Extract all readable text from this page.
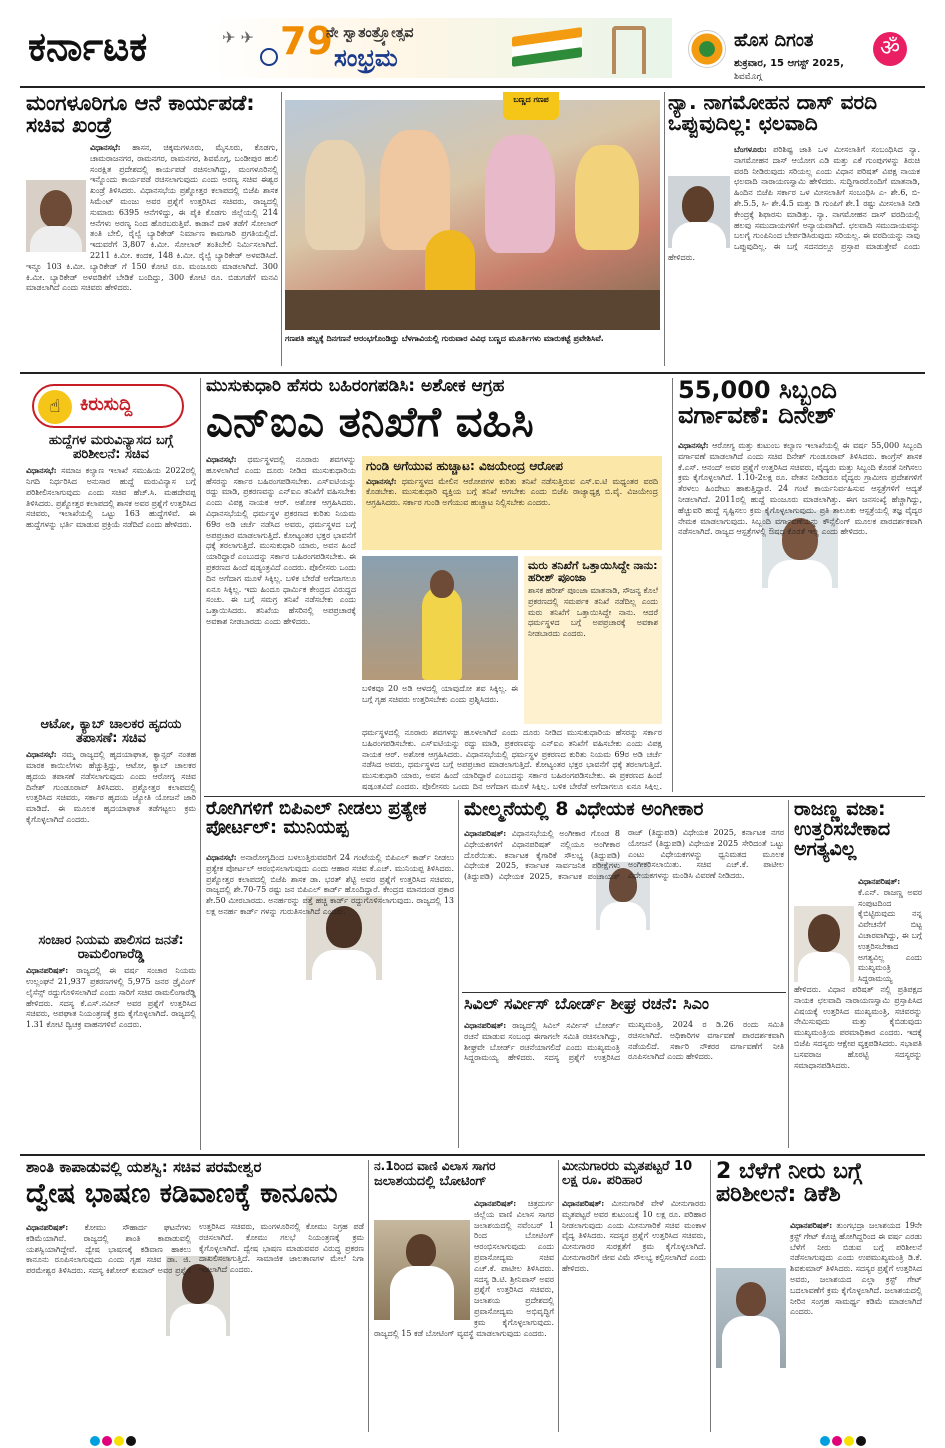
ಕರ್ನಾಟಕ	✈ ✈ 79
ನೇ ಸ್ವಾತಂತ್ರ್ಯೋತ್ಸವ
ಸಂಭ್ರಮ
ಹೊಸ ದಿಗಂತ
ಶುಕ್ರವಾರ, 15 ಆಗಸ್ಟ್ 2025,
ಶಿವಮೊಗ್ಗ
ॐ
ಮಂಗಳೂರಿಗೂ ಆನೆ ಕಾರ್ಯಪಡೆ: ಸಚಿವ ಖಂಡ್ರೆ
ವಿಧಾನಸಭೆ: ಹಾಸನ, ಚಿಕ್ಕಮಗಳೂರು, ಮೈಸೂರು, ಕೊಡಗು, ಚಾಮರಾಜನಗರ, ರಾಮನಗರ, ರಾಮನಗರ, ಶಿವಮೊಗ್ಗ, ಬಂಡೀಪುರ ಹುಲಿ ಸಂರಕ್ಷಿತ ಪ್ರದೇಶದಲ್ಲಿ ಕಾರ್ಯಪಡೆ ರಚಿಸಲಾಗಿದ್ದು, ಮಂಗಳೂರಿನಲ್ಲಿ ಇನ್ನೊಂದು ಕಾರ್ಯಪಡೆ ರಚಿಸಲಾಗುವುದು ಎಂದು ಅರಣ್ಯ ಸಚಿವ ಈಶ್ವರ ಖಂಡ್ರೆ ತಿಳಿಸಿದರು. ವಿಧಾನಸಭೆಯ ಪ್ರಶ್ನೋತ್ತರ ಕಲಾಪದಲ್ಲಿ ಬಿಜೆಪಿ ಶಾಸಕ ಸಿಮೆಂಟ್ ಮಂಜು ಅವರ ಪ್ರಶ್ನೆಗೆ ಉತ್ತರಿಸಿದ ಸಚಿವರು, ರಾಜ್ಯದಲ್ಲಿ ಸುಮಾರು 6395 ಆನೆಗಳಿದ್ದು, ಈ ಪೈಕಿ ಕೊಡಗು ಜಿಲ್ಲೆಯಲ್ಲಿ 214 ಆನೆಗಳು ಅರಣ್ಯ ನಿಂದ ಹೊರಬರುತ್ತಿವೆ. ಕಾಡಾನೆ ದಾಳಿ ತಡೆಗೆ ಸೋಲಾರ್ ತಂತಿ ಬೇಲಿ, ರೈಲ್ವೆ ಬ್ಯಾರಿಕೇಡ್ ನಿರ್ಮಾಣ ಕಾಮಗಾರಿ ಪ್ರಗತಿಯಲ್ಲಿದೆ. ಇದುವರೆಗೆ 3,807 ಕಿ.ಮೀ. ಸೋಲಾರ್ ತಂತಿಬೇಲಿ ನಿರ್ಮಿಸಲಾಗಿದೆ. 2211 ಕಿ.ಮೀ. ಕಂದಕ, 148 ಕಿ.ಮೀ. ರೈಲ್ವೆ ಬ್ಯಾರಿಕೇಡ್ ಅಳವಡಿಸಿದೆ. ಇನ್ನೂ 103 ಕಿ.ಮೀ. ಬ್ಯಾರಿಕೇಡ್ ಗೆ 150 ಕೋಟಿ ರೂ. ಮಂಜೂರು ಮಾಡಲಾಗಿದೆ. 300 ಕಿ.ಮೀ. ಬ್ಯಾರಿಕೇಡ್ ಅಳವಡಿಕೆಗೆ ಬೇಡಿಕೆ ಬಂದಿದ್ದು, 300 ಕೋಟಿ ರೂ. ಬಿಡುಗಡೆಗೆ ಮನವಿ ಮಾಡಲಾಗಿದೆ ಎಂದು ಸಚಿವರು ಹೇಳಿದರು.
ಬಣ್ಣದ ಗಣಪ
ಗಣಪತಿ ಹಬ್ಬಕ್ಕೆ ದಿನಗಣನೆ ಆರಂಭಗೊಂಡಿದ್ದು ಬೆಳಗಾವಿಯಲ್ಲಿ ಗುರುವಾರ ವಿವಿಧ ಬಣ್ಣದ ಮೂರ್ತಿಗಳು ಮಾರುಕಟ್ಟೆ ಪ್ರವೇಶಿಸಿವೆ.
ನ್ಯಾ. ನಾಗಮೋಹನ ದಾಸ್ ವರದಿ ಒಪ್ಪುವುದಿಲ್ಲ: ಛಲವಾದಿ
ಬೆಂಗಳೂರು: ಪರಿಶಿಷ್ಟ ಜಾತಿ ಒಳ ಮೀಸಲಾತಿಗೆ ಸಂಬಂಧಿಸಿದ ನ್ಯಾ. ನಾಗಮೋಹನ ದಾಸ್ ಆಯೋಗ ಎಡಿ ಮತ್ತು ಎಕೆ ಗುಂಪುಗಳನ್ನು ತಿರುಚಿ ವರದಿ ನೀಡಿರುವುದು ಸರಿಯಲ್ಲ ಎಂದು ವಿಧಾನ ಪರಿಷತ್ ವಿಪಕ್ಷ ನಾಯಕ ಛಲವಾದಿ ನಾರಾಯಣಸ್ವಾಮಿ ಹೇಳಿದರು. ಸುದ್ದಿಗಾರರೊಂದಿಗೆ ಮಾತನಾಡಿ, ಹಿಂದಿನ ಬಿಜೆಪಿ ಸರ್ಕಾರ ಒಳ ಮೀಸಲಾತಿಗೆ ಸಂಬಂಧಿಸಿ ಎ- ಶೇ.6, ಬಿ- ಶೇ.5.5, ಸಿ- ಶೇ.4.5 ಮತ್ತು ಡಿ ಗುಂಪಿಗೆ ಶೇ.1 ರಷ್ಟು ಮೀಸಲಾತಿ ನೀಡಿ ಕೇಂದ್ರಕ್ಕೆ ಶಿಫಾರಸು ಮಾಡಿತ್ತು. ನ್ಯಾ. ನಾಗಮೋಹನ ದಾಸ್ ವರದಿಯಲ್ಲಿ ಹಲವು ಸಮುದಾಯಗಳಿಗೆ ಅನ್ಯಾಯವಾಗಿದೆ. ಛಲವಾದಿ ಸಮುದಾಯವನ್ನು ಬಲಗೈ ಗುಂಪಿನಿಂದ ಬೇರ್ಪಡಿಸಿರುವುದು ಸರಿಯಲ್ಲ. ಈ ವರದಿಯನ್ನು ನಾವು ಒಪ್ಪುವುದಿಲ್ಲ. ಈ ಬಗ್ಗೆ ಸದನದಲ್ಲೂ ಪ್ರಸ್ತಾಪ ಮಾಡುತ್ತೇವೆ ಎಂದು ಹೇಳಿದರು.
☝	ಕಿರುಸುದ್ದಿ
ಹುದ್ದೆಗಳ ಮರುವಿನ್ಯಾಸದ ಬಗ್ಗೆ ಪರಿಶೀಲನೆ: ಸಚಿವ
ವಿಧಾನಸಭೆ: ಸಮಾಜ ಕಲ್ಯಾಣ ಇಲಾಖೆ ಸಮುಹಿಯ 2022ರಲ್ಲಿ ನಿಗದಿ ನಿರ್ಧರಿಸಿದ ಅನುಸಾರ ಹುದ್ದೆ ಮರುವಿನ್ಯಾಸ ಬಗ್ಗೆ ಪರಿಶೀಲಿಸಲಾಗುವುದು ಎಂದು ಸಚಿವ ಹೆಚ್.ಸಿ. ಮಹದೇವಪ್ಪ ತಿಳಿಸಿದರು. ಪ್ರಶ್ನೋತ್ತರ ಕಲಾಪದಲ್ಲಿ ಶಾಸಕ ಅವರ ಪ್ರಶ್ನೆಗೆ ಉತ್ತರಿಸಿದ ಸಚಿವರು, ಇಲಾಖೆಯಲ್ಲಿ ಒಟ್ಟು 163 ಹುದ್ದೆಗಳಿವೆ. ಈ ಹುದ್ದೆಗಳನ್ನು ಭರ್ತಿ ಮಾಡುವ ಪ್ರಕ್ರಿಯೆ ನಡೆದಿದೆ ಎಂದು ಹೇಳಿದರು.
ಆಟೋ, ಕ್ಯಾಬ್ ಚಾಲಕರ ಹೃದಯ ತಪಾಸಣೆ: ಸಚಿವ
ವಿಧಾನಸಭೆ: ನಮ್ಮ ರಾಜ್ಯದಲ್ಲಿ ಹೃದಯಾಘಾತ, ಕ್ಯಾನ್ಸರ್ ನಂತಹ ಮಾರಕ ಕಾಯಿಲೆಗಳು ಹೆಚ್ಚುತ್ತಿದ್ದು, ಆಟೋ, ಕ್ಯಾಬ್ ಚಾಲಕರ ಹೃದಯ ತಪಾಸಣೆ ನಡೆಸಲಾಗುವುದು ಎಂದು ಆರೋಗ್ಯ ಸಚಿವ ದಿನೇಶ್ ಗುಂಡೂರಾವ್ ತಿಳಿಸಿದರು. ಪ್ರಶ್ನೋತ್ತರ ಕಲಾಪದಲ್ಲಿ ಉತ್ತರಿಸಿದ ಸಚಿವರು, ಸರ್ಕಾರ ಹೃದಯ ಜ್ಯೋತಿ ಯೋಜನೆ ಜಾರಿ ಮಾಡಿದೆ. ಈ ಮೂಲಕ ಹೃದಯಾಘಾತ ತಡೆಗಟ್ಟಲು ಕ್ರಮ ಕೈಗೊಳ್ಳಲಾಗಿದೆ ಎಂದರು.
ಸಂಚಾರ ನಿಯಮ ಪಾಲಿಸದ ಜನತೆ: ರಾಮಲಿಂಗಾರೆಡ್ಡಿ
ವಿಧಾನಪರಿಷತ್: ರಾಜ್ಯದಲ್ಲಿ ಈ ವರ್ಷ ಸಂಚಾರ ನಿಯಮ ಉಲ್ಲಂಘನೆ 21,937 ಪ್ರಕರಣಗಳಲ್ಲಿ 5,975 ಜನರ ಡ್ರೈವಿಂಗ್ ಲೈಸೆನ್ಸ್ ರದ್ದುಗೊಳಿಸಲಾಗಿದೆ ಎಂದು ಸಾರಿಗೆ ಸಚಿವ ರಾಮಲಿಂಗಾರೆಡ್ಡಿ ಹೇಳಿದರು. ಸದಸ್ಯ ಕೆ.ಎಸ್.ನವೀನ್ ಅವರ ಪ್ರಶ್ನೆಗೆ ಉತ್ತರಿಸಿದ ಸಚಿವರು, ಅಪಘಾತ ನಿಯಂತ್ರಣಕ್ಕೆ ಕ್ರಮ ಕೈಗೊಳ್ಳಲಾಗಿದೆ. ರಾಜ್ಯದಲ್ಲಿ 1.31 ಕೋಟಿ ದ್ವಿಚಕ್ರ ವಾಹನಗಳಿವೆ ಎಂದರು.
ಮುಸುಕುಧಾರಿ ಹೆಸರು ಬಹಿರಂಗಪಡಿಸಿ: ಅಶೋಕ ಆಗ್ರಹ
ಎನ್ಐಎ ತನಿಖೆಗೆ ವಹಿಸಿ
ವಿಧಾನಸಭೆ: ಧರ್ಮಸ್ಥಳದಲ್ಲಿ ನೂರಾರು ಶವಗಳನ್ನು ಹೂಳಲಾಗಿದೆ ಎಂದು ದೂರು ನೀಡಿದ ಮುಸುಕುಧಾರಿಯ ಹೆಸರನ್ನು ಸರ್ಕಾರ ಬಹಿರಂಗಪಡಿಸಬೇಕು. ಎಸ್ಐಟಿಯನ್ನು ರದ್ದು ಮಾಡಿ, ಪ್ರಕರಣವನ್ನು ಎನ್ಐಎ ತನಿಖೆಗೆ ವಹಿಸಬೇಕು ಎಂದು ವಿಪಕ್ಷ ನಾಯಕ ಆರ್. ಅಶೋಕ ಆಗ್ರಹಿಸಿದರು. ವಿಧಾನಸಭೆಯಲ್ಲಿ ಧರ್ಮಸ್ಥಳ ಪ್ರಕರಣದ ಕುರಿತು ನಿಯಮ 69ರ ಅಡಿ ಚರ್ಚೆ ನಡೆಸಿದ ಅವರು, ಧರ್ಮಸ್ಥಳದ ಬಗ್ಗೆ ಅಪಪ್ರಚಾರ ಮಾಡಲಾಗುತ್ತಿದೆ. ಕೋಟ್ಯಂತರ ಭಕ್ತರ ಭಾವನೆಗೆ ಧಕ್ಕೆ ತರಲಾಗುತ್ತಿದೆ. ಮುಸುಕುಧಾರಿ ಯಾರು, ಅವನ ಹಿಂದೆ ಯಾರಿದ್ದಾರೆ ಎಂಬುದನ್ನು ಸರ್ಕಾರ ಬಹಿರಂಗಪಡಿಸಬೇಕು. ಈ ಪ್ರಕರಣದ ಹಿಂದೆ ಷಡ್ಯಂತ್ರವಿದೆ ಎಂದರು. ಪೊಲೀಸರು ಒಂದು ದಿನ ಅಗೆದಾಗ ಮೂಳೆ ಸಿಕ್ಕಿಲ್ಲ. ಬಳಿಕ ಬೇರೆಡೆ ಅಗೆದಾಗಲೂ ಏನೂ ಸಿಕ್ಕಿಲ್ಲ. ಇದು ಹಿಂದೂ ಧಾರ್ಮಿಕ ಕೇಂದ್ರದ ವಿರುದ್ಧದ ಸಂಚು. ಈ ಬಗ್ಗೆ ಸಮಗ್ರ ತನಿಖೆ ನಡೆಸಬೇಕು ಎಂದು ಒತ್ತಾಯಿಸಿದರು. ತನಿಖೆಯ ಹೆಸರಿನಲ್ಲಿ ಅಪಪ್ರಚಾರಕ್ಕೆ ಅವಕಾಶ ನೀಡಬಾರದು ಎಂದು ಹೇಳಿದರು.
ಗುಂಡಿ ಅಗೆಯುವ ಹುಚ್ಚಾಟ: ವಿಜಯೇಂದ್ರ ಆರೋಪ
ವಿಧಾನಸಭೆ: ಧರ್ಮಸ್ಥಳದ ಮೇಲಿನ ಆರೋಪಗಳ ಕುರಿತು ತನಿಖೆ ನಡೆಸುತ್ತಿರುವ ಎಸ್.ಐ.ಟಿ ಮಧ್ಯಂತರ ವರದಿ ಕೊಡಬೇಕು. ಮುಸುಕುಧಾರಿ ವ್ಯಕ್ತಿಯ ಬಗ್ಗೆ ತನಿಖೆ ಆಗಬೇಕು ಎಂದು ಬಿಜೆಪಿ ರಾಜ್ಯಾಧ್ಯಕ್ಷ ಬಿ.ವೈ. ವಿಜಯೇಂದ್ರ ಆಗ್ರಹಿಸಿದರು. ಸರ್ಕಾರ ಗುಂಡಿ ಅಗೆಯುವ ಹುಚ್ಚಾಟ ನಿಲ್ಲಿಸಬೇಕು ಎಂದರು.
ಬಳಿಕವೂ 20 ಅಡಿ ಆಳದಲ್ಲಿ ಯಾವುದೋ ಶವ ಸಿಕ್ಕಿಲ್ಲ. ಈ ಬಗ್ಗೆ ಗೃಹ ಸಚಿವರು ಉತ್ತರಿಸಬೇಕು ಎಂದು ಪ್ರಶ್ನಿಸಿದರು.
ಮರು ತನಿಖೆಗೆ ಒತ್ತಾಯಿಸಿದ್ದೇ ನಾನು: ಹರೀಶ್ ಪೂಂಜಾ
ಶಾಸಕ ಹರೀಶ್ ಪೂಂಜಾ ಮಾತನಾಡಿ, ಸೌಜನ್ಯ ಕೊಲೆ ಪ್ರಕರಣದಲ್ಲಿ ಸಮರ್ಪಕ ತನಿಖೆ ನಡೆದಿಲ್ಲ ಎಂದು ಮರು ತನಿಖೆಗೆ ಒತ್ತಾಯಿಸಿದ್ದೇ ನಾನು. ಆದರೆ ಧರ್ಮಸ್ಥಳದ ಬಗ್ಗೆ ಅಪಪ್ರಚಾರಕ್ಕೆ ಅವಕಾಶ ನೀಡಬಾರದು ಎಂದರು.
ಧರ್ಮಸ್ಥಳದಲ್ಲಿ ನೂರಾರು ಶವಗಳನ್ನು ಹೂಳಲಾಗಿದೆ ಎಂದು ದೂರು ನೀಡಿದ ಮುಸುಕುಧಾರಿಯ ಹೆಸರನ್ನು ಸರ್ಕಾರ ಬಹಿರಂಗಪಡಿಸಬೇಕು. ಎಸ್ಐಟಿಯನ್ನು ರದ್ದು ಮಾಡಿ, ಪ್ರಕರಣವನ್ನು ಎನ್ಐಎ ತನಿಖೆಗೆ ವಹಿಸಬೇಕು ಎಂದು ವಿಪಕ್ಷ ನಾಯಕ ಆರ್. ಅಶೋಕ ಆಗ್ರಹಿಸಿದರು. ವಿಧಾನಸಭೆಯಲ್ಲಿ ಧರ್ಮಸ್ಥಳ ಪ್ರಕರಣದ ಕುರಿತು ನಿಯಮ 69ರ ಅಡಿ ಚರ್ಚೆ ನಡೆಸಿದ ಅವರು, ಧರ್ಮಸ್ಥಳದ ಬಗ್ಗೆ ಅಪಪ್ರಚಾರ ಮಾಡಲಾಗುತ್ತಿದೆ. ಕೋಟ್ಯಂತರ ಭಕ್ತರ ಭಾವನೆಗೆ ಧಕ್ಕೆ ತರಲಾಗುತ್ತಿದೆ. ಮುಸುಕುಧಾರಿ ಯಾರು, ಅವನ ಹಿಂದೆ ಯಾರಿದ್ದಾರೆ ಎಂಬುದನ್ನು ಸರ್ಕಾರ ಬಹಿರಂಗಪಡಿಸಬೇಕು. ಈ ಪ್ರಕರಣದ ಹಿಂದೆ ಷಡ್ಯಂತ್ರವಿದೆ ಎಂದರು. ಪೊಲೀಸರು ಒಂದು ದಿನ ಅಗೆದಾಗ ಮೂಳೆ ಸಿಕ್ಕಿಲ್ಲ. ಬಳಿಕ ಬೇರೆಡೆ ಅಗೆದಾಗಲೂ ಏನೂ ಸಿಕ್ಕಿಲ್ಲ.
55,000 ಸಿಬ್ಬಂದಿ ವರ್ಗಾವಣೆ: ದಿನೇಶ್
ವಿಧಾನಸಭೆ: ಆರೋಗ್ಯ ಮತ್ತು ಕುಟುಂಬ ಕಲ್ಯಾಣ ಇಲಾಖೆಯಲ್ಲಿ ಈ ವರ್ಷ 55,000 ಸಿಬ್ಬಂದಿ ವರ್ಗಾವಣೆ ಮಾಡಲಾಗಿದೆ ಎಂದು ಸಚಿವ ದಿನೇಶ್ ಗುಂಡೂರಾವ್ ತಿಳಿಸಿದರು. ಕಾಂಗ್ರೆಸ್ ಶಾಸಕ ಕೆ.ಎಸ್. ಆನಂದ್ ಅವರ ಪ್ರಶ್ನೆಗೆ ಉತ್ತರಿಸಿದ ಸಚಿವರು, ವೈದ್ಯರು ಮತ್ತು ಸಿಬ್ಬಂದಿ ಕೊರತೆ ನೀಗಿಸಲು ಕ್ರಮ ಕೈಗೊಳ್ಳಲಾಗಿದೆ. 1.10-2ಲಕ್ಷ ರೂ. ವೇತನ ನೀಡಿದರೂ ವೈದ್ಯರು ಗ್ರಾಮೀಣ ಪ್ರದೇಶಗಳಿಗೆ ತೆರಳಲು ಹಿಂದೇಟು ಹಾಕುತ್ತಿದ್ದಾರೆ. 24 ಗಂಟೆ ಕಾರ್ಯನಿರ್ವಹಿಸುವ ಆಸ್ಪತ್ರೆಗಳಿಗೆ ಆದ್ಯತೆ ನೀಡಲಾಗಿದೆ. 2011ರಲ್ಲಿ ಹುದ್ದೆ ಮಂಜೂರು ಮಾಡಲಾಗಿತ್ತು. ಈಗ ಜನಸಂಖ್ಯೆ ಹೆಚ್ಚಾಗಿದ್ದು, ಹೆಚ್ಚುವರಿ ಹುದ್ದೆ ಸೃಷ್ಟಿಸಲು ಕ್ರಮ ಕೈಗೊಳ್ಳಲಾಗುವುದು. ಪ್ರತಿ ತಾಲೂಕು ಆಸ್ಪತ್ರೆಯಲ್ಲಿ ತಜ್ಞ ವೈದ್ಯರ ನೇಮಕ ಮಾಡಲಾಗುವುದು. ಸಿಬ್ಬಂದಿ ವರ್ಗಾವಣೆಯನ್ನು ಕೌನ್ಸೆಲಿಂಗ್ ಮೂಲಕ ಪಾರದರ್ಶಕವಾಗಿ ನಡೆಸಲಾಗಿದೆ. ರಾಜ್ಯದ ಆಸ್ಪತ್ರೆಗಳಲ್ಲಿ ಔಷಧ ಕೊರತೆ ಇಲ್ಲ ಎಂದು ಹೇಳಿದರು.
ರೋಗಿಗಳಿಗೆ ಬಿಪಿಎಲ್ ನೀಡಲು ಪ್ರತ್ಯೇಕ ಪೋರ್ಟಲ್: ಮುನಿಯಪ್ಪ
ವಿಧಾನಸಭೆ: ಅನಾರೋಗ್ಯದಿಂದ ಬಳಲುತ್ತಿರುವವರಿಗೆ 24 ಗಂಟೆಯಲ್ಲಿ ಬಿಪಿಎಲ್ ಕಾರ್ಡ್ ನೀಡಲು ಪ್ರತ್ಯೇಕ ಪೋರ್ಟಲ್ ಆರಂಭಿಸಲಾಗುವುದು ಎಂದು ಆಹಾರ ಸಚಿವ ಕೆ.ಎಚ್. ಮುನಿಯಪ್ಪ ತಿಳಿಸಿದರು. ಪ್ರಶ್ನೋತ್ತರ ಕಲಾಪದಲ್ಲಿ ಬಿಜೆಪಿ ಶಾಸಕ ಡಾ. ಭರತ್ ಶೆಟ್ಟಿ ಅವರ ಪ್ರಶ್ನೆಗೆ ಉತ್ತರಿಸಿದ ಸಚಿವರು, ರಾಜ್ಯದಲ್ಲಿ ಶೇ.70-75 ರಷ್ಟು ಜನ ಬಿಪಿಎಲ್ ಕಾರ್ಡ್ ಹೊಂದಿದ್ದಾರೆ. ಕೇಂದ್ರದ ಮಾನದಂಡ ಪ್ರಕಾರ ಶೇ.50 ಮೀರಬಾರದು. ಅನರ್ಹರನ್ನು ಪತ್ತೆ ಹಚ್ಚಿ ಕಾರ್ಡ್ ರದ್ದುಗೊಳಿಸಲಾಗುವುದು. ರಾಜ್ಯದಲ್ಲಿ 13 ಲಕ್ಷ ಅನರ್ಹ ಕಾರ್ಡ್ ಗಳನ್ನು ಗುರುತಿಸಲಾಗಿದೆ ಎಂದರು.
ಮೇಲ್ಮನೆಯಲ್ಲಿ 8 ವಿಧೇಯಕ ಅಂಗೀಕಾರ
ವಿಧಾನಪರಿಷತ್: ವಿಧಾನಸಭೆಯಲ್ಲಿ ಅಂಗೀಕಾರ ಗೊಂಡ 8 ವಿಧೇಯಕಗಳಿಗೆ ವಿಧಾನಪರಿಷತ್ ನಲ್ಲಿಯೂ ಅಂಗೀಕಾರ ದೊರೆಯಿತು. ಕರ್ನಾಟಕ ಕೈಗಾರಿಕೆ ಸೌಲಭ್ಯ (ತಿದ್ದುಪಡಿ) ವಿಧೇಯಕ 2025, ಕರ್ನಾಟಕ ಸಾರ್ವಜನಿಕ ಪರೀಕ್ಷೆಗಳು (ತಿದ್ದುಪಡಿ) ವಿಧೇಯಕ 2025, ಕರ್ನಾಟಕ ಪಂಚಾಯತ್ ರಾಜ್ (ತಿದ್ದುಪಡಿ) ವಿಧೇಯಕ 2025, ಕರ್ನಾಟಕ ನಗರ ಯೋಜನೆ (ತಿದ್ದುಪಡಿ) ವಿಧೇಯಕ 2025 ಸೇರಿದಂತೆ ಒಟ್ಟು ಎಂಟು ವಿಧೇಯಕಗಳನ್ನು ಧ್ವನಿಮತದ ಮೂಲಕ ಅಂಗೀಕರಿಸಲಾಯಿತು. ಸಚಿವ ಎಚ್.ಕೆ. ಪಾಟೀಲ ವಿಧೇಯಕಗಳನ್ನು ಮಂಡಿಸಿ ವಿವರಣೆ ನೀಡಿದರು.
ಸಿವಿಲ್ ಸರ್ವೀಸ್ ಬೋರ್ಡ್ ಶೀಘ್ರ ರಚನೆ: ಸಿಎಂ
ವಿಧಾನಪರಿಷತ್: ರಾಜ್ಯದಲ್ಲಿ ಸಿವಿಲ್ ಸರ್ವೀಸ್ ಬೋರ್ಡ್ ರಚನೆ ಮಾಡುವ ಸಂಬಂಧ ಈಗಾಗಲೇ ಸಮಿತಿ ರಚಿಸಲಾಗಿದ್ದು, ಶೀಘ್ರವೇ ಬೋರ್ಡ್ ರಚನೆಯಾಗಲಿದೆ ಎಂದು ಮುಖ್ಯಮಂತ್ರಿ ಸಿದ್ದರಾಮಯ್ಯ ಹೇಳಿದರು. ಸದಸ್ಯ ಪ್ರಶ್ನೆಗೆ ಉತ್ತರಿಸಿದ ಮುಖ್ಯಮಂತ್ರಿ, 2024 ರ ಡಿ.26 ರಂದು ಸಮಿತಿ ರಚಿಸಲಾಗಿದೆ. ಅಧಿಕಾರಿಗಳ ವರ್ಗಾವಣೆ ಪಾರದರ್ಶಕವಾಗಿ ನಡೆಯಲಿದೆ. ಸರ್ಕಾರಿ ನೌಕರರ ವರ್ಗಾವಣೆಗೆ ನೀತಿ ರೂಪಿಸಲಾಗಿದೆ ಎಂದು ಹೇಳಿದರು.
ರಾಜಣ್ಣ ವಜಾ: ಉತ್ತರಿಸಬೇಕಾದ ಅಗತ್ಯವಿಲ್ಲ
ವಿಧಾನಪರಿಷತ್: ಕೆ.ಎನ್. ರಾಜಣ್ಣ ಅವರ ಸಂಪುಟದಿಂದ ಕೈಬಿಟ್ಟಿರುವುದು ನನ್ನ ವಿವೇಚನೆಗೆ ಬಿಟ್ಟ ವಿಚಾರವಾಗಿದ್ದು, ಈ ಬಗ್ಗೆ ಉತ್ತರಿಸಬೇಕಾದ ಅಗತ್ಯವಿಲ್ಲ ಎಂದು ಮುಖ್ಯಮಂತ್ರಿ ಸಿದ್ದರಾಮಯ್ಯ ಹೇಳಿದರು. ವಿಧಾನ ಪರಿಷತ್ ನಲ್ಲಿ ಪ್ರತಿಪಕ್ಷದ ನಾಯಕ ಛಲವಾದಿ ನಾರಾಯಣಸ್ವಾಮಿ ಪ್ರಸ್ತಾಪಿಸಿದ ವಿಷಯಕ್ಕೆ ಉತ್ತರಿಸಿದ ಮುಖ್ಯಮಂತ್ರಿ, ಸಚಿವರನ್ನು ನೇಮಿಸುವುದು ಮತ್ತು ಕೈಬಿಡುವುದು ಮುಖ್ಯಮಂತ್ರಿಯ ಪರಮಾಧಿಕಾರ ಎಂದರು. ಇದಕ್ಕೆ ಬಿಜೆಪಿ ಸದಸ್ಯರು ಆಕ್ಷೇಪ ವ್ಯಕ್ತಪಡಿಸಿದರು. ಸಭಾಪತಿ ಬಸವರಾಜ ಹೊರಟ್ಟಿ ಸದಸ್ಯರನ್ನು ಸಮಾಧಾನಪಡಿಸಿದರು.
ಶಾಂತಿ ಕಾಪಾಡುವಲ್ಲಿ ಯಶಸ್ವಿ: ಸಚಿವ ಪರಮೇಶ್ವರ
ದ್ವೇಷ ಭಾಷಣ ಕಡಿವಾಣಕ್ಕೆ ಕಾನೂನು
ವಿಧಾನಪರಿಷತ್: ಕೋಮು ಸೌಹಾರ್ದ ಘಟನೆಗಳು ಕಡಿಮೆಯಾಗಿವೆ. ರಾಜ್ಯದಲ್ಲಿ ಶಾಂತಿ ಕಾಪಾಡುವಲ್ಲಿ ಯಶಸ್ವಿಯಾಗಿದ್ದೇವೆ. ದ್ವೇಷ ಭಾಷಣಕ್ಕೆ ಕಡಿವಾಣ ಹಾಕಲು ಕಾನೂನು ರೂಪಿಸಲಾಗುವುದು ಎಂದು ಗೃಹ ಸಚಿವ ಡಾ. ಜಿ. ಪರಮೇಶ್ವರ ತಿಳಿಸಿದರು. ಸದಸ್ಯ ಕಿಶೋರ್ ಕುಮಾರ್ ಅವರ ಪ್ರಶ್ನೆಗೆ ಉತ್ತರಿಸಿದ ಸಚಿವರು, ಮಂಗಳೂರಿನಲ್ಲಿ ಕೋಮು ನಿಗ್ರಹ ಪಡೆ ರಚಿಸಲಾಗಿದೆ. ಕೋಮು ಗಲಭೆ ನಿಯಂತ್ರಣಕ್ಕೆ ಕ್ರಮ ಕೈಗೊಳ್ಳಲಾಗಿದೆ. ದ್ವೇಷ ಭಾಷಣ ಮಾಡುವವರ ವಿರುದ್ಧ ಪ್ರಕರಣ ದಾಖಲಿಸಲಾಗುತ್ತಿದೆ. ಸಾಮಾಜಿಕ ಜಾಲತಾಣಗಳ ಮೇಲೆ ನಿಗಾ ಇಡಲಾಗಿದೆ ಎಂದರು.
ನ.1ರಿಂದ ವಾಣಿ ವಿಲಾಸ ಸಾಗರ
ಜಲಾಶಯದಲ್ಲಿ ಬೋಟಿಂಗ್
ವಿಧಾನಪರಿಷತ್: ಚಿತ್ರದುರ್ಗ ಜಿಲ್ಲೆಯ ವಾಣಿ ವಿಲಾಸ ಸಾಗರ ಜಲಾಶಯದಲ್ಲಿ ನವೆಂಬರ್ 1 ರಿಂದ ಬೋಟಿಂಗ್ ಆರಂಭಿಸಲಾಗುವುದು ಎಂದು ಪ್ರವಾಸೋದ್ಯಮ ಸಚಿವ ಎಚ್.ಕೆ. ಪಾಟೀಲ ತಿಳಿಸಿದರು. ಸದಸ್ಯ ಡಿ.ಟಿ. ಶ್ರೀನಿವಾಸ್ ಅವರ ಪ್ರಶ್ನೆಗೆ ಉತ್ತರಿಸಿದ ಸಚಿವರು, ಜಲಾಶಯ ಪ್ರದೇಶದಲ್ಲಿ ಪ್ರವಾಸೋದ್ಯಮ ಅಭಿವೃದ್ಧಿಗೆ ಕ್ರಮ ಕೈಗೊಳ್ಳಲಾಗುವುದು. ರಾಜ್ಯದಲ್ಲಿ 15 ಕಡೆ ಬೋಟಿಂಗ್ ವ್ಯವಸ್ಥೆ ಮಾಡಲಾಗುವುದು ಎಂದರು.
ಮೀನುಗಾರರು ಮೃತಪಟ್ಟರೆ 10 ಲಕ್ಷ ರೂ. ಪರಿಹಾರ
ವಿಧಾನಪರಿಷತ್: ಮೀನುಗಾರಿಕೆ ವೇಳೆ ಮೀನುಗಾರರು ಮೃತಪಟ್ಟರೆ ಅವರ ಕುಟುಂಬಕ್ಕೆ 10 ಲಕ್ಷ ರೂ. ಪರಿಹಾರ ನೀಡಲಾಗುವುದು ಎಂದು ಮೀನುಗಾರಿಕೆ ಸಚಿವ ಮಂಕಾಳ ವೈದ್ಯ ತಿಳಿಸಿದರು. ಸದಸ್ಯರ ಪ್ರಶ್ನೆಗೆ ಉತ್ತರಿಸಿದ ಸಚಿವರು, ಮೀನುಗಾರರ ಸುರಕ್ಷತೆಗೆ ಕ್ರಮ ಕೈಗೊಳ್ಳಲಾಗಿದೆ. ಮೀನುಗಾರರಿಗೆ ಜೀವ ವಿಮೆ ಸೌಲಭ್ಯ ಕಲ್ಪಿಸಲಾಗಿದೆ ಎಂದು ಹೇಳಿದರು.
2 ಬೆಳೆಗೆ ನೀರು ಬಗ್ಗೆ ಪರಿಶೀಲನೆ: ಡಿಕೆಶಿ
ವಿಧಾನಪರಿಷತ್: ತುಂಗಭದ್ರಾ ಜಲಾಶಯದ 19ನೇ ಕ್ರಸ್ಟ್ ಗೇಟ್ ಕೊಚ್ಚಿ ಹೋಗಿದ್ದರಿಂದ ಈ ವರ್ಷ ಎರಡು ಬೆಳೆಗೆ ನೀರು ಬಿಡುವ ಬಗ್ಗೆ ಪರಿಶೀಲನೆ ನಡೆಸಲಾಗುವುದು ಎಂದು ಉಪಮುಖ್ಯಮಂತ್ರಿ ಡಿ.ಕೆ. ಶಿವಕುಮಾರ್ ತಿಳಿಸಿದರು. ಸದಸ್ಯರ ಪ್ರಶ್ನೆಗೆ ಉತ್ತರಿಸಿದ ಅವರು, ಜಲಾಶಯದ ಎಲ್ಲಾ ಕ್ರಸ್ಟ್ ಗೇಟ್ ಬದಲಾವಣೆಗೆ ಕ್ರಮ ಕೈಗೊಳ್ಳಲಾಗಿದೆ. ಜಲಾಶಯದಲ್ಲಿ ನೀರಿನ ಸಂಗ್ರಹ ಸಾಮರ್ಥ್ಯ ಕಡಿಮೆ ಮಾಡಲಾಗಿದೆ ಎಂದರು.
